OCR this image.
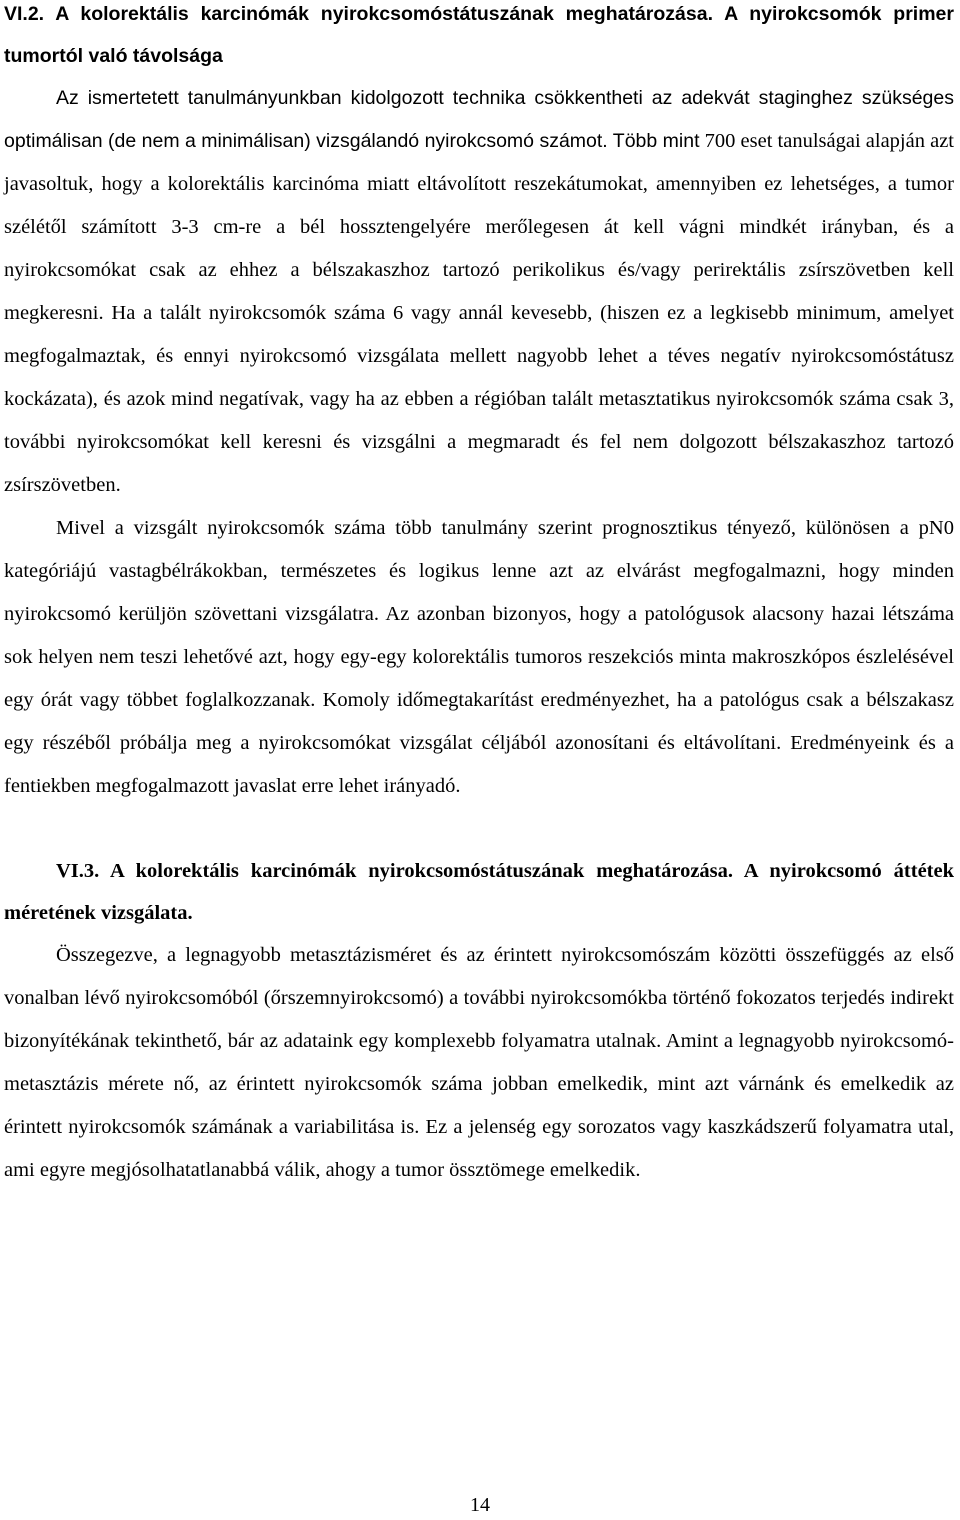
VI.2. A kolorektális karcinómák nyirokcsomóstátuszának meghatározása. A nyirokcsomók primer tumortól való távolsága

Az ismertetett tanulmányunkban kidolgozott technika csökkentheti az adekvát staginghez szükséges optimálisan (de nem a minimálisan) vizsgálandó nyirokcsomó számot. Több mint 700 eset tanulságai alapján azt javasoltuk, hogy a kolorektális karcinóma miatt eltávolított reszekátumokat, amennyiben ez lehetséges, a tumor szélétől számított 3-3 cm-re a bél hossztengelyére merőlegesen át kell vágni mindkét irányban, és a nyirokcsomókat csak az ehhez a bélszakaszhoz tartozó perikolikus és/vagy perirektális zsírszövetben kell megkeresni. Ha a talált nyirokcsomók száma 6 vagy annál kevesebb, (hiszen ez a legkisebb minimum, amelyet megfogalmaztak, és ennyi nyirokcsomó vizsgálata mellett nagyobb lehet a téves negatív nyirokcsomóstátusz kockázata), és azok mind negatívak, vagy ha az ebben a régióban talált metasztatikus nyirokcsomók száma csak 3, további nyirokcsomókat kell keresni és vizsgálni a megmaradt és fel nem dolgozott bélszakaszhoz tartozó zsírszövetben.

Mivel a vizsgált nyirokcsomók száma több tanulmány szerint prognosztikus tényező, különösen a pN0 kategóriájú vastagbélrákokban, természetes és logikus lenne azt az elvárást megfogalmazni, hogy minden nyirokcsomó kerüljön szövettani vizsgálatra. Az azonban bizonyos, hogy a patológusok alacsony hazai létszáma sok helyen nem teszi lehetővé azt, hogy egy-egy kolorektális tumoros reszekciós minta makroszkópos észlelésével egy órát vagy többet foglalkozzanak. Komoly időmegtakarítást eredményezhet, ha a patológus csak a bélszakasz egy részéből próbálja meg a nyirokcsomókat vizsgálat céljából azonosítani és eltávolítani. Eredményeink és a fentiekben megfogalmazott javaslat erre lehet irányadó.

VI.3. A kolorektális karcinómák nyirokcsomóstátuszának meghatározása. A nyirokcsomó áttétek méretének vizsgálata.

Összegezve, a legnagyobb metasztázisméret és az érintett nyirokcsomószám közötti összefüggés az első vonalban lévő nyirokcsomóból (őrszemnyirokcsomó) a további nyirokcsomókba történő fokozatos terjedés indirekt bizonyítékának tekinthető, bár az adataink egy komplexebb folyamatra utalnak. Amint a legnagyobb nyirokcsomó-metasztázis mérete nő, az érintett nyirokcsomók száma jobban emelkedik, mint azt várnánk és emelkedik az érintett nyirokcsomók számának a variabilitása is. Ez a jelenség egy sorozatos vagy kaszkádszerű folyamatra utal, ami egyre megjósolhatatlanabbá válik, ahogy a tumor össztömege emelkedik.

14
